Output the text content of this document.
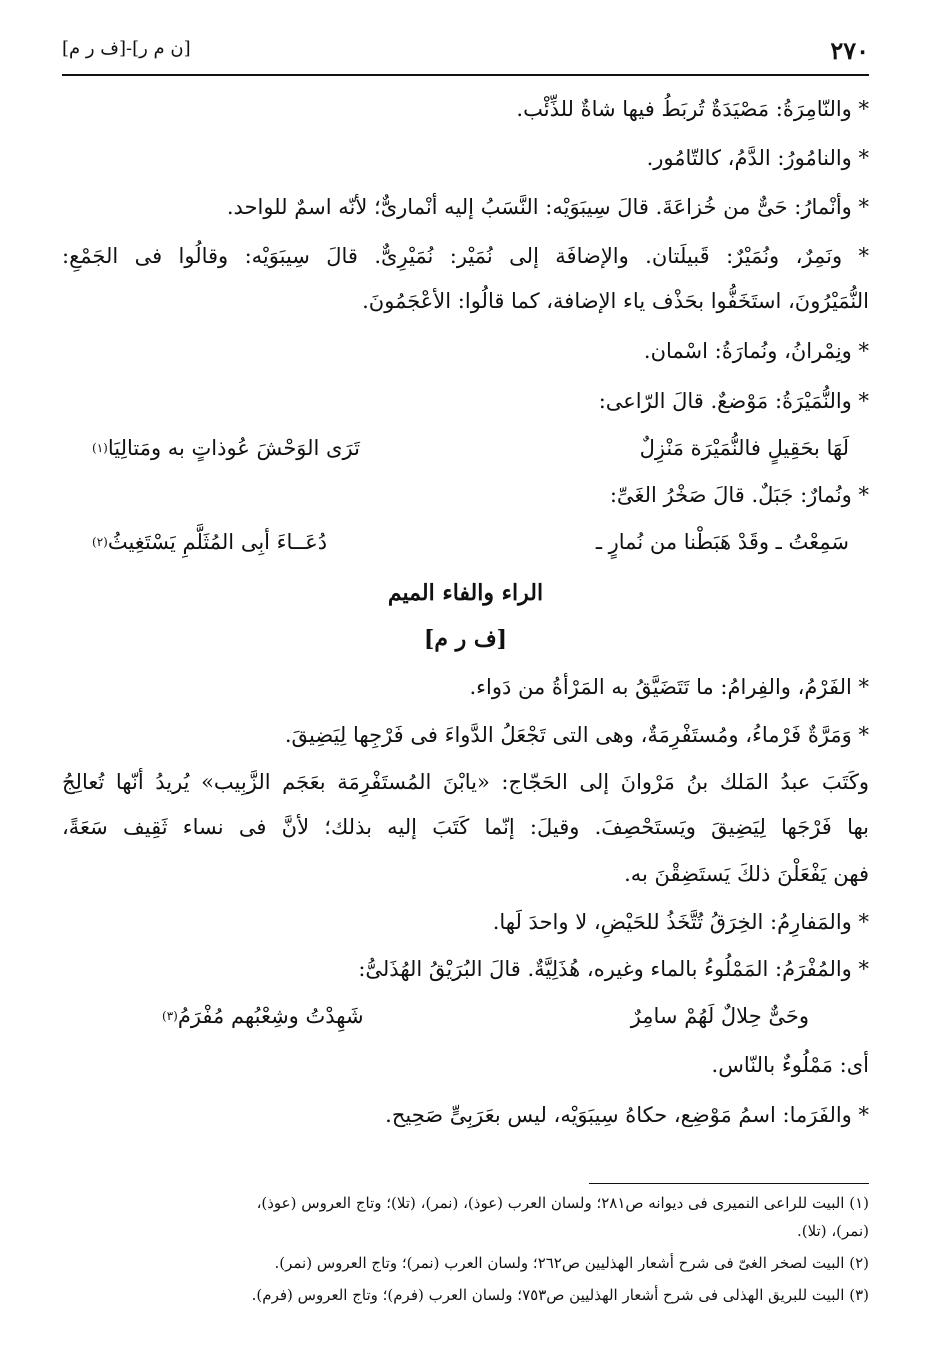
٢٧٠
[ن م ر]-[ف ر م]
* والنّامِرَةُ: مَصْيَدَةٌ تُربَطُ فيها شاةٌ للذِّئْب.
* والنامُورُ: الدَّمُ، كالتّامُور.
* وأنْمارُ: حَىٌّ من خُزاعَةَ. قالَ سِيبَوَيْه: النَّسَبُ إليه أنْمارىٌّ؛ لأنّه اسمٌ للواحد.
* ونَمِرٌ، ونُمَيْرٌ: قَبيلَتان. والإضافَة إلى نُمَيْر: نُمَيْرِىٌّ. قالَ سِيبَوَيْه: وقالُوا فى الجَمْعِ:
النُّمَيْرُونَ، استَخَفُّوا بحَذْف ياء الإضافة، كما قالُوا: الأعْجَمُونَ.
* ونِمْرانُ، ونُمارَةُ: اسْمان.
* والنُّمَيْرَةُ: مَوْضعٌ. قالَ الرّاعى:
لَهَا بحَقِيلٍ فالنُّمَيْرَة مَنْزِلٌ
تَرَى الوَحْشَ عُوذاتٍ به ومَتالِيَا$^{(١)}$
* ونُمارٌ: جَبَلٌ. قالَ صَخْرُ الغَىِّ:
سَمِعْتُ ـ وقَدْ هَبَطْنا من نُمارٍ ـ
دُعَــاءَ أبِى المُثَلَّمِ يَسْتَغِيثُ$^{(٢)}$
الراء والفاء الميم
[ف ر م]
* الفَرْمُ، والفِرامُ: ما تَتَضَيَّقُ به المَرْأةُ من دَواء.
* وَمَرَّةٌ فَرْماءُ، ومُستَفْرِمَةٌ، وهى التى تَجْعَلُ الدَّواءَ فى فَرْجِها لِيَضِيقَ.
وكَتَبَ عبدُ المَلك بنُ مَرْوانَ إلى الحَجّاج: «يابْنَ المُستَفْرِمَة بعَجَم الزَّبِيب» يُريدُ أنّها تُعالِجُ
بها فَرْجَها لِيَضِيقَ ويَستَحْصِفَ. وقيلَ: إنّما كَتَبَ إليه بذلك؛ لأنَّ فى نساء ثَقِيف سَعَةً،
فهن يَفْعَلْنَ ذلكَ يَستَضِقْنَ به.
* والمَفارِمُ: الخِرَقُ تُتَّخَذُ للحَيْضِ، لا واحدَ لَها.
* والمُفْرَمُ: المَمْلُوءُ بالماء وغيره، هُذَلِيَّةٌ. قالَ البُرَيْقُ الهُذَلىُّ:
وحَىٌّ حِلالٌ لَهُمْ سامِرٌ
شَهِدْتُ وشِعْبُهم مُفْرَمُ$^{(٣)}$
أى: مَمْلُوءٌ بالنّاس.
* والفَرَما: اسمُ مَوْضِع، حكاهُ سِيبَوَيْه، ليس بعَرَبِىٍّ صَحِيح.
(١) البيت للراعى النميرى فى ديوانه ص٢٨١؛ ولسان العرب (عوذ)، (نمر)، (تلا)؛ وتاج العروس (عوذ)،
(نمر)، (تلا).
(٢) البيت لصخر الغىّ فى شرح أشعار الهذليين ص٢٦٢؛ ولسان العرب (نمر)؛ وتاج العروس (نمر).
(٣) البيت للبريق الهذلى فى شرح أشعار الهذليين ص٧٥٣؛ ولسان العرب (فرم)؛ وتاج العروس (فرم).
